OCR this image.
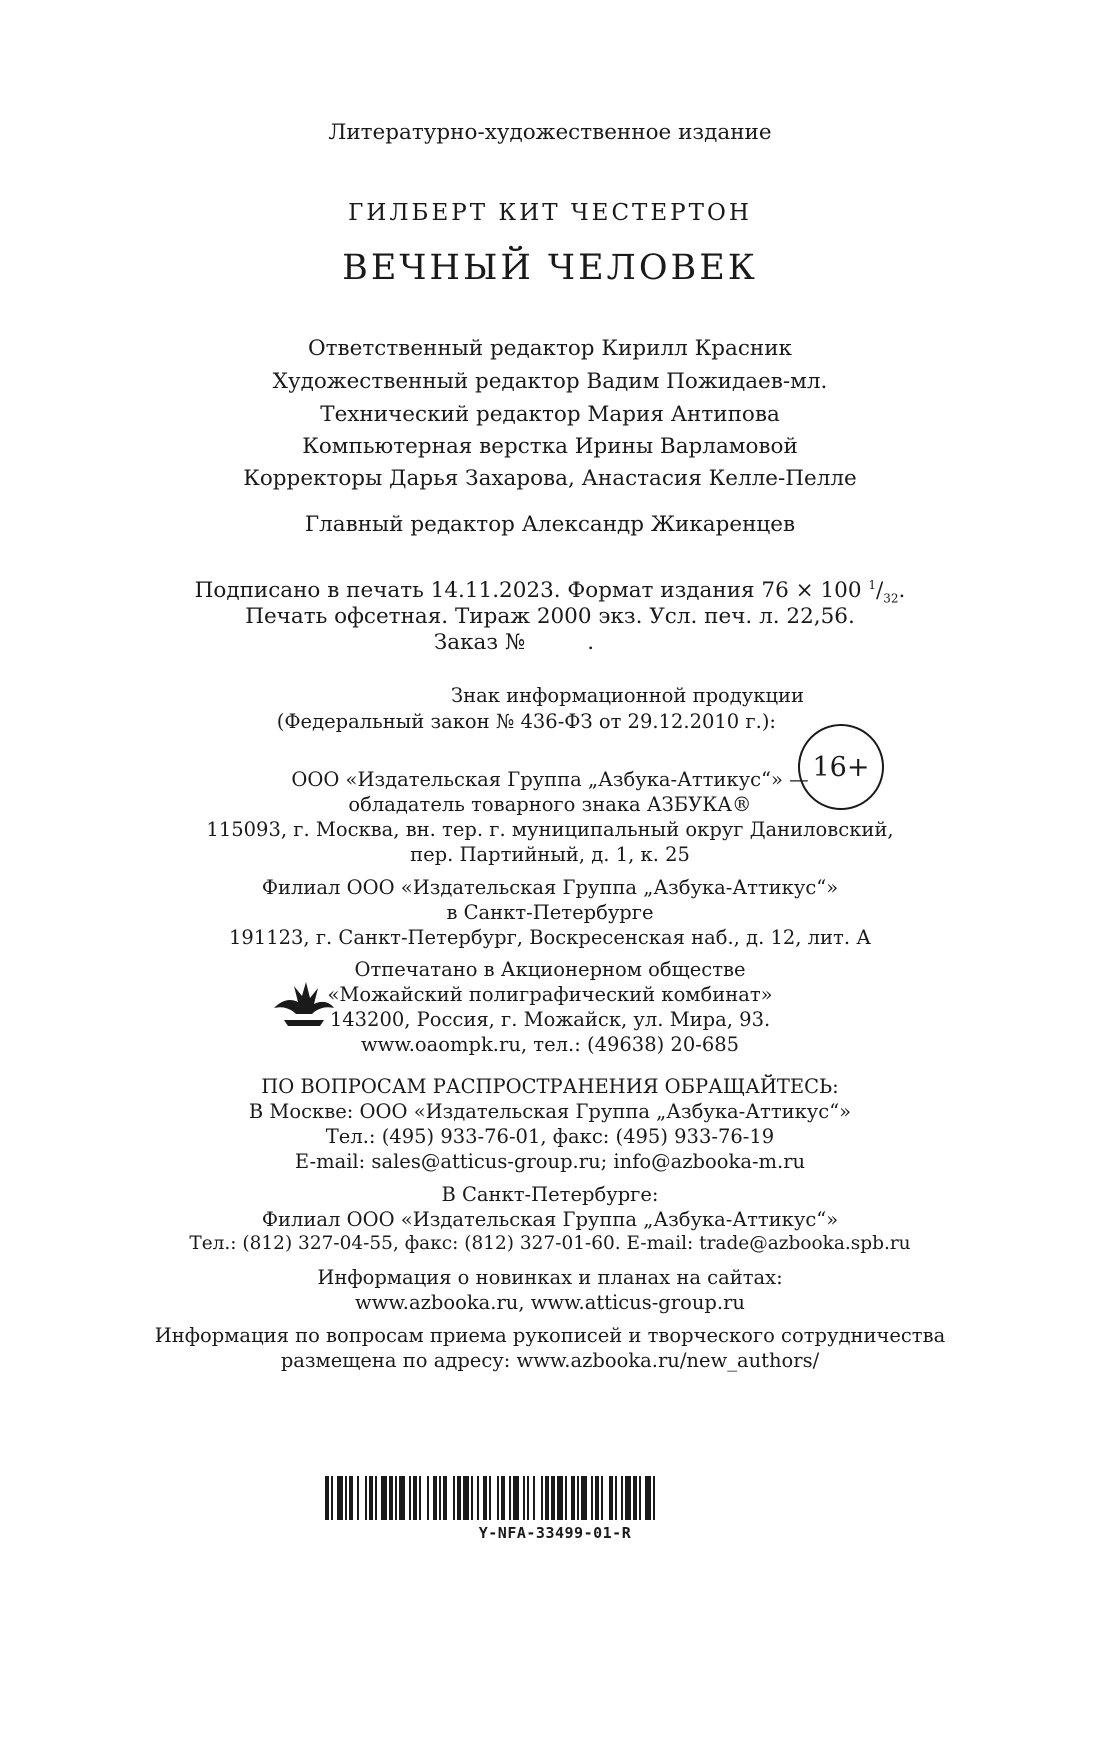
Литературно-художественное издание
ГИЛБЕРТ КИТ ЧЕСТЕРТОН
ВЕЧНЫЙ ЧЕЛОВЕК
Ответственный редактор Кирилл Красник
Художественный редактор Вадим Пожидаев-мл.
Технический редактор Мария Антипова
Компьютерная верстка Ирины Варламовой
Корректоры Дарья Захарова, Анастасия Келле-Пелле
Главный редактор Александр Жикаренцев
Подписано в печать 14.11.2023. Формат издания 76 × 100 $^1/_{32}$.
Печать офсетная. Тираж 2000 экз. Усл. печ. л. 22,56.
Заказ №	.
Знак информационной продукции
(Федеральный закон № 436-ФЗ от 29.12.2010 г.):
16+
ООО «Издательская Группа „Азбука-Аттикус“» —
обладатель товарного знака АЗБУКА®
115093, г. Москва, вн. тер. г. муниципальный округ Даниловский,
пер. Партийный, д. 1, к. 25
Филиал ООО «Издательская Группа „Азбука-Аттикус“»
в Санкт-Петербурге
191123, г. Санкт-Петербург, Воскресенская наб., д. 12, лит. А
Отпечатано в Акционерном обществе
«Можайский полиграфический комбинат»
143200, Россия, г. Можайск, ул. Мира, 93.
www.oaompk.ru, тел.: (49638) 20-685
ПО ВОПРОСАМ РАСПРОСТРАНЕНИЯ ОБРАЩАЙТЕСЬ:
В Москве: ООО «Издательская Группа „Азбука-Аттикус“»
Тел.: (495) 933-76-01, факс: (495) 933-76-19
E-mail: sales@atticus-group.ru; info@azbooka-m.ru
В Санкт-Петербурге:
Филиал ООО «Издательская Группа „Азбука-Аттикус“»
Тел.: (812) 327-04-55, факс: (812) 327-01-60. E-mail: trade@azbooka.spb.ru
Информация о новинках и планах на сайтах:
www.azbooka.ru, www.atticus-group.ru
Информация по вопросам приема рукописей и творческого сотрудничества
размещена по адресу: www.azbooka.ru/new_authors/
Y-NFA-33499-01-R
